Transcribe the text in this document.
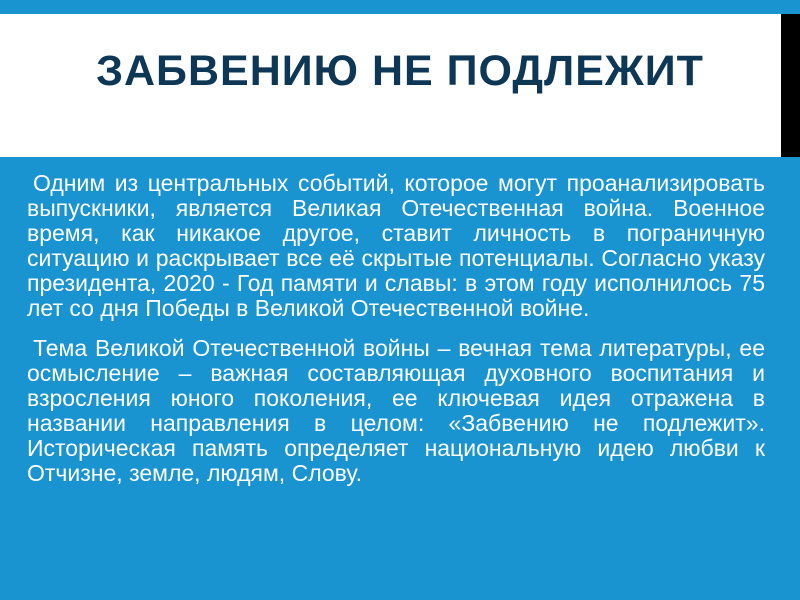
ЗАБВЕНИЮ НЕ ПОДЛЕЖИТ

Одним из центральных событий, которое могут проанализировать выпускники, является Великая Отечественная война. Военное время, как никакое другое, ставит личность в пограничную ситуацию и раскрывает все её скрытые потенциалы. Согласно указу президента, 2020 - Год памяти и славы: в этом году исполнилось 75 лет со дня Победы в Великой Отечественной войне.

Тема Великой Отечественной войны – вечная тема литературы, ее осмысление – важная составляющая духовного воспитания и взросления юного поколения, ее ключевая идея отражена в названии направления в целом: «Забвению не подлежит». Историческая память определяет национальную идею любви к Отчизне, земле, людям, Слову.
